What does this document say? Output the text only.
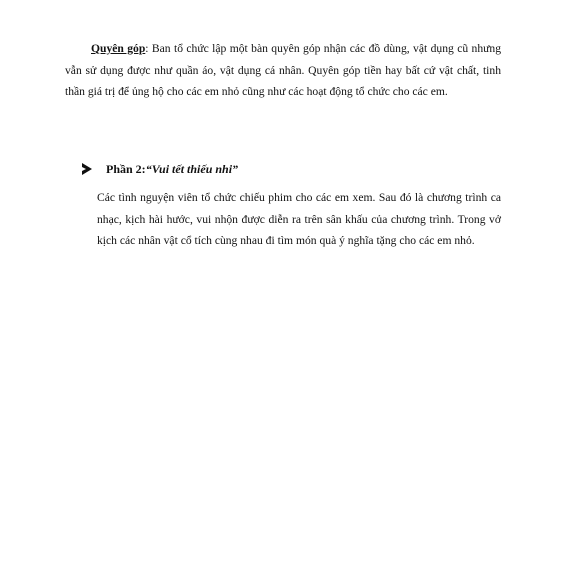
Quyên góp: Ban tổ chức lập một bàn quyên góp nhận các đồ dùng, vật dụng cũ nhưng vẫn sử dụng được như quần áo, vật dụng cá nhân. Quyên góp tiền hay bất cứ vật chất, tinh thần giá trị để ủng hộ cho các em nhỏ cũng như các hoạt động tổ chức cho các em.

Phần 2: “Vui tết thiếu nhi”

Các tình nguyện viên tổ chức chiếu phim cho các em xem. Sau đó là chương trình ca nhạc, kịch hài hước, vui nhộn được diễn ra trên sân khấu của chương trình. Trong vở kịch các nhân vật cổ tích cùng nhau đi tìm món quà ý nghĩa tặng cho các em nhỏ.
